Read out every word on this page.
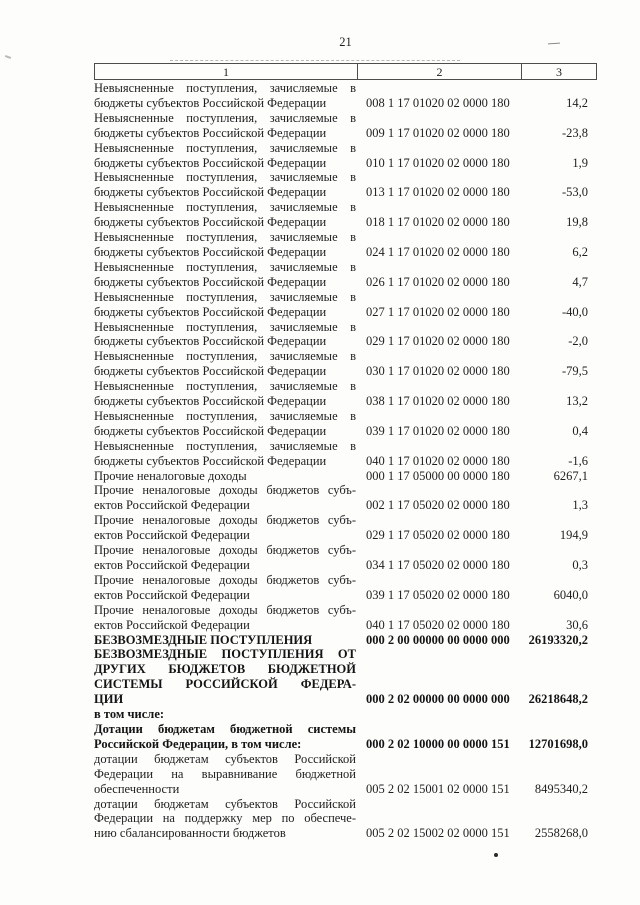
21
1	2	3
Невыясненные поступления, зачисляемые в
бюджеты субъектов Российской Федерации	008 1 17 01020 02 0000 180	14,2
Невыясненные поступления, зачисляемые в
бюджеты субъектов Российской Федерации	009 1 17 01020 02 0000 180	-23,8
Невыясненные поступления, зачисляемые в
бюджеты субъектов Российской Федерации	010 1 17 01020 02 0000 180	1,9
Невыясненные поступления, зачисляемые в
бюджеты субъектов Российской Федерации	013 1 17 01020 02 0000 180	-53,0
Невыясненные поступления, зачисляемые в
бюджеты субъектов Российской Федерации	018 1 17 01020 02 0000 180	19,8
Невыясненные поступления, зачисляемые в
бюджеты субъектов Российской Федерации	024 1 17 01020 02 0000 180	6,2
Невыясненные поступления, зачисляемые в
бюджеты субъектов Российской Федерации	026 1 17 01020 02 0000 180	4,7
Невыясненные поступления, зачисляемые в
бюджеты субъектов Российской Федерации	027 1 17 01020 02 0000 180	-40,0
Невыясненные поступления, зачисляемые в
бюджеты субъектов Российской Федерации	029 1 17 01020 02 0000 180	-2,0
Невыясненные поступления, зачисляемые в
бюджеты субъектов Российской Федерации	030 1 17 01020 02 0000 180	-79,5
Невыясненные поступления, зачисляемые в
бюджеты субъектов Российской Федерации	038 1 17 01020 02 0000 180	13,2
Невыясненные поступления, зачисляемые в
бюджеты субъектов Российской Федерации	039 1 17 01020 02 0000 180	0,4
Невыясненные поступления, зачисляемые в
бюджеты субъектов Российской Федерации	040 1 17 01020 02 0000 180	-1,6
Прочие неналоговые доходы	000 1 17 05000 00 0000 180	6267,1
Прочие неналоговые доходы бюджетов субъ-
ектов Российской Федерации	002 1 17 05020 02 0000 180	1,3
Прочие неналоговые доходы бюджетов субъ-
ектов Российской Федерации	029 1 17 05020 02 0000 180	194,9
Прочие неналоговые доходы бюджетов субъ-
ектов Российской Федерации	034 1 17 05020 02 0000 180	0,3
Прочие неналоговые доходы бюджетов субъ-
ектов Российской Федерации	039 1 17 05020 02 0000 180	6040,0
Прочие неналоговые доходы бюджетов субъ-
ектов Российской Федерации	040 1 17 05020 02 0000 180	30,6
БЕЗВОЗМЕЗДНЫЕ ПОСТУПЛЕНИЯ	000 2 00 00000 00 0000 000	26193320,2
БЕЗВОЗМЕЗДНЫЕ ПОСТУПЛЕНИЯ ОТ
ДРУГИХ БЮДЖЕТОВ БЮДЖЕТНОЙ
СИСТЕМЫ РОССИЙСКОЙ ФЕДЕРА-
ЦИИ	000 2 02 00000 00 0000 000	26218648,2
в том числе:
Дотации бюджетам бюджетной системы
Российской Федерации, в том числе:	000 2 02 10000 00 0000 151	12701698,0
дотации бюджетам субъектов Российской
Федерации на выравнивание бюджетной
обеспеченности	005 2 02 15001 02 0000 151	8495340,2
дотации бюджетам субъектов Российской
Федерации на поддержку мер по обеспече-
нию сбалансированности бюджетов	005 2 02 15002 02 0000 151	2558268,0
